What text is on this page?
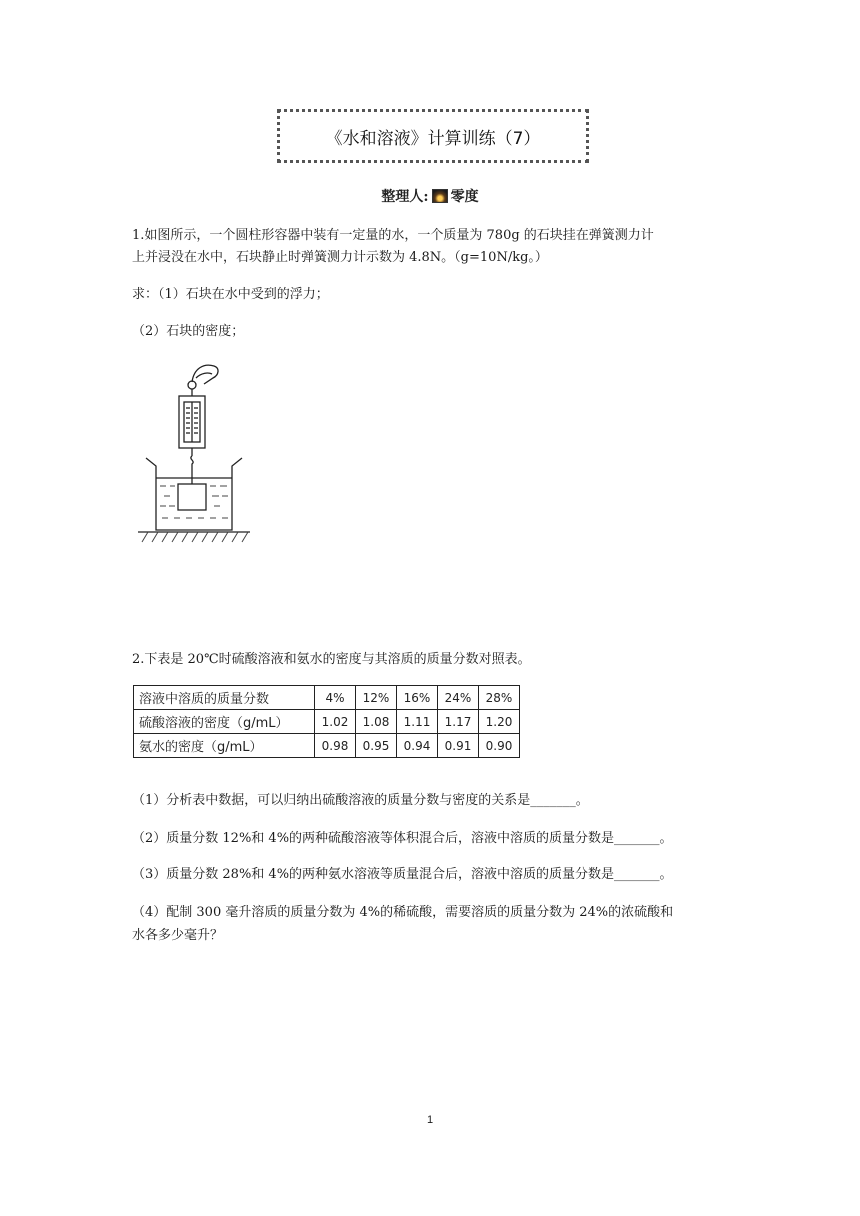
《水和溶液》计算训练（7）
整理人: 零度
1.如图所示，一个圆柱形容器中装有一定量的水，一个质量为 780g 的石块挂在弹簧测力计
上并浸没在水中，石块静止时弹簧测力计示数为 4.8N。（g=10N/kg。）
求：（1）石块在水中受到的浮力；
（2）石块的密度；
2.下表是 20℃时硫酸溶液和氨水的密度与其溶质的质量分数对照表。
溶液中溶质的质量分数	4%	12%	16%	24%	28%
硫酸溶液的密度（g/mL）	1.02	1.08	1.11	1.17	1.20
氨水的密度（g/mL）	0.98	0.95	0.94	0.91	0.90
（1）分析表中数据，可以归纳出硫酸溶液的质量分数与密度的关系是_______。
（2）质量分数 12%和 4%的两种硫酸溶液等体积混合后，溶液中溶质的质量分数是_______。
（3）质量分数 28%和 4%的两种氨水溶液等质量混合后，溶液中溶质的质量分数是_______。
（4）配制 300 毫升溶质的质量分数为 4%的稀硫酸，需要溶质的质量分数为 24%的浓硫酸和
水各多少毫升？
1
